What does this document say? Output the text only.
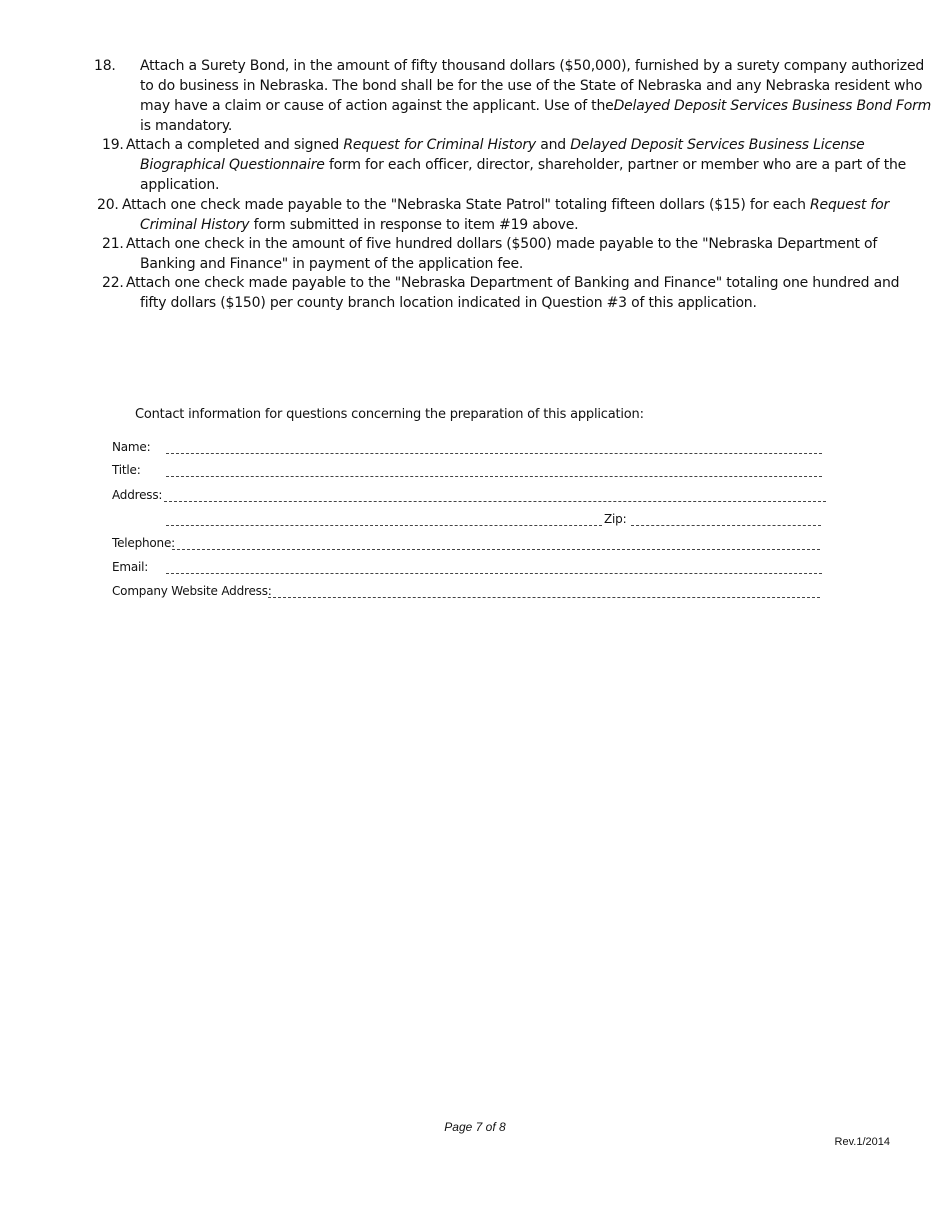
18. Attach a Surety Bond, in the amount of fifty thousand dollars ($50,000), furnished by a surety company authorized
to do business in Nebraska. The bond shall be for the use of the State of Nebraska and any Nebraska resident who
may have a claim or cause of action against the applicant. Use of theDelayed Deposit Services Business Bond Form
is mandatory.
19. Attach a completed and signed Request for Criminal History and Delayed Deposit Services Business License
Biographical Questionnaire form for each officer, director, shareholder, partner or member who are a part of the
application.
20. Attach one check made payable to the "Nebraska State Patrol" totaling fifteen dollars ($15) for each Request for
Criminal History form submitted in response to item #19 above.
21. Attach one check in the amount of five hundred dollars ($500) made payable to the "Nebraska Department of
Banking and Finance" in payment of the application fee.
22. Attach one check made payable to the "Nebraska Department of Banking and Finance" totaling one hundred and
fifty dollars ($150) per county branch location indicated in Question #3 of this application.
Contact information for questions concerning the preparation of this application:
Name:
Title:
Address:
Zip:
Telephone:
Email:
Company Website Address:
Page 7 of 8
Rev.1/2014
